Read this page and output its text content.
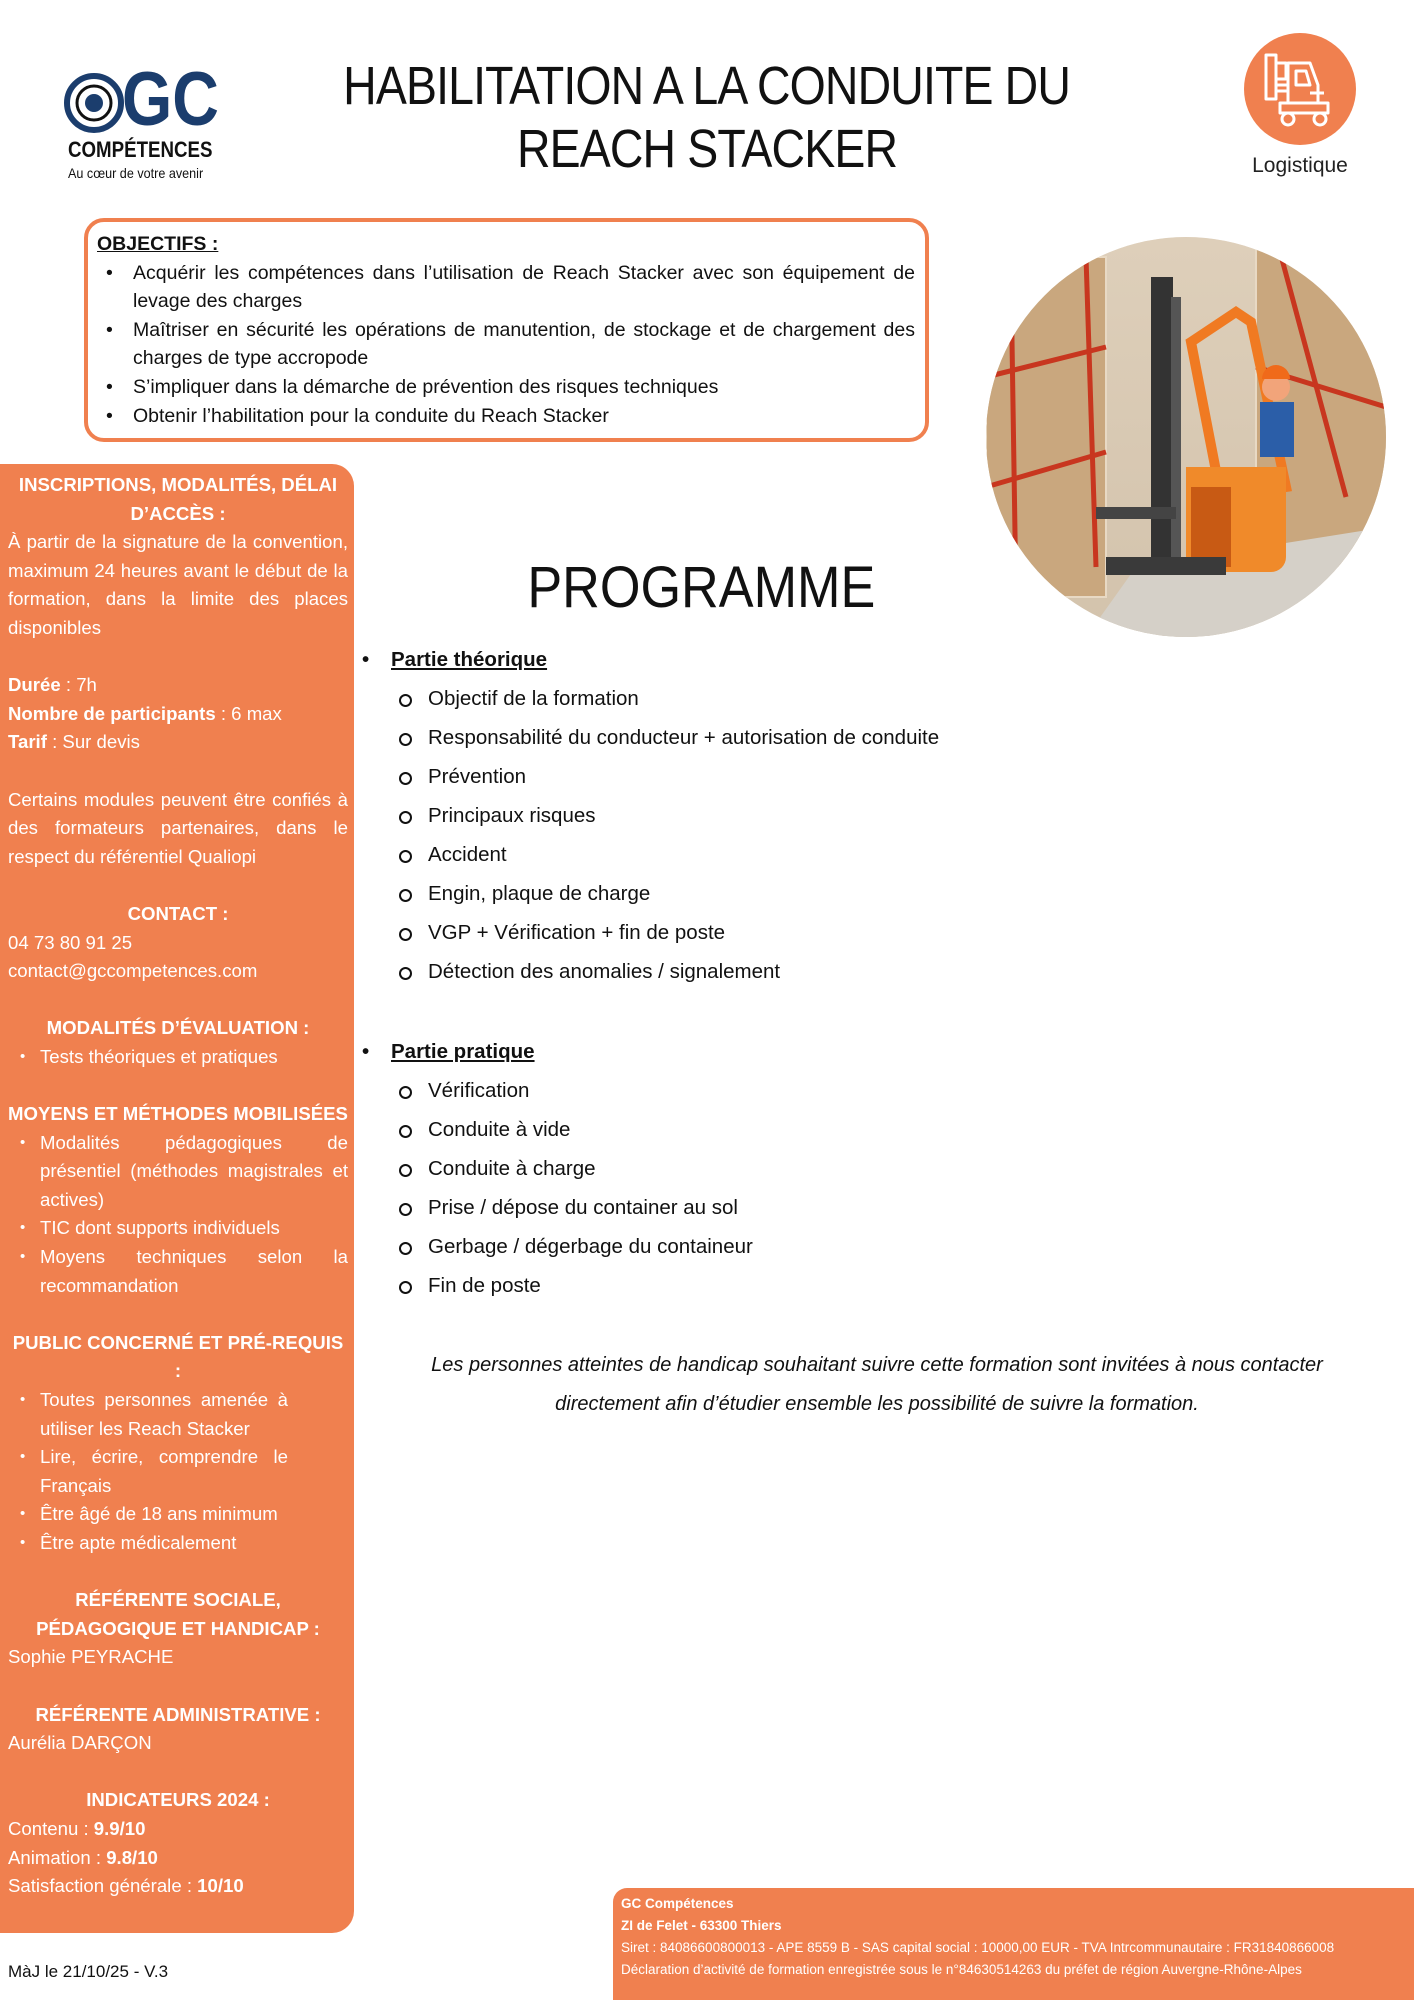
GC
COMPÉTENCES
Au cœur de votre avenir
HABILITATION A LA CONDUITE DU
REACH STACKER	Logistique
OBJECTIFS :
• Acquérir les compétences dans l’utilisation de Reach Stacker avec son équipement de levage des charges
• Maîtriser en sécurité les opérations de manutention, de stockage et de chargement des charges de type accropode
• S’impliquer dans la démarche de prévention des risques techniques
• Obtenir l’habilitation pour la conduite du Reach Stacker
INSCRIPTIONS, MODALITÉS, DÉLAI D’ACCÈS :
À partir de la signature de la convention, maximum 24 heures avant le début de la formation, dans la limite des places disponibles
Durée : 7h
Nombre de participants : 6 max
Tarif : Sur devis
Certains modules peuvent être confiés à des formateurs partenaires, dans le respect du référentiel Qualiopi
CONTACT :
04 73 80 91 25
contact@gccompetences.com
MODALITÉS D’ÉVALUATION :
• Tests théoriques et pratiques
MOYENS ET MÉTHODES MOBILISÉES
• Modalités pédagogiques de présentiel (méthodes magistrales et actives)
• TIC dont supports individuels
• Moyens techniques selon la recommandation
PUBLIC CONCERNÉ ET PRÉ-REQUIS :
• Toutes personnes amenée à utiliser les Reach Stacker
• Lire, écrire, comprendre le Français
• Être âgé de 18 ans minimum
• Être apte médicalement
RÉFÉRENTE SOCIALE, PÉDAGOGIQUE ET HANDICAP :
Sophie PEYRACHE
RÉFÉRENTE ADMINISTRATIVE :
Aurélia DARÇON
INDICATEURS 2024 :
Contenu : 9.9/10
Animation : 9.8/10
Satisfaction générale : 10/10
PROGRAMME
• Partie théorique
Objectif de la formation
Responsabilité du conducteur + autorisation de conduite
Prévention
Principaux risques
Accident
Engin, plaque de charge
VGP + Vérification + fin de poste
Détection des anomalies / signalement
• Partie pratique
Vérification
Conduite à vide
Conduite à charge
Prise / dépose du container au sol
Gerbage / dégerbage du containeur
Fin de poste
Les personnes atteintes de handicap souhaitant suivre cette formation sont invitées à nous contacter directement afin d’étudier ensemble les possibilité de suivre la formation.
MàJ le 21/10/25 - V.3
GC Compétences
ZI de Felet - 63300 Thiers
Siret : 84086600800013 - APE 8559 B - SAS capital social : 10000,00 EUR - TVA Intrcommunautaire : FR31840866008
Déclaration d’activité de formation enregistrée sous le n°84630514263 du préfet de région Auvergne-Rhône-Alpes
